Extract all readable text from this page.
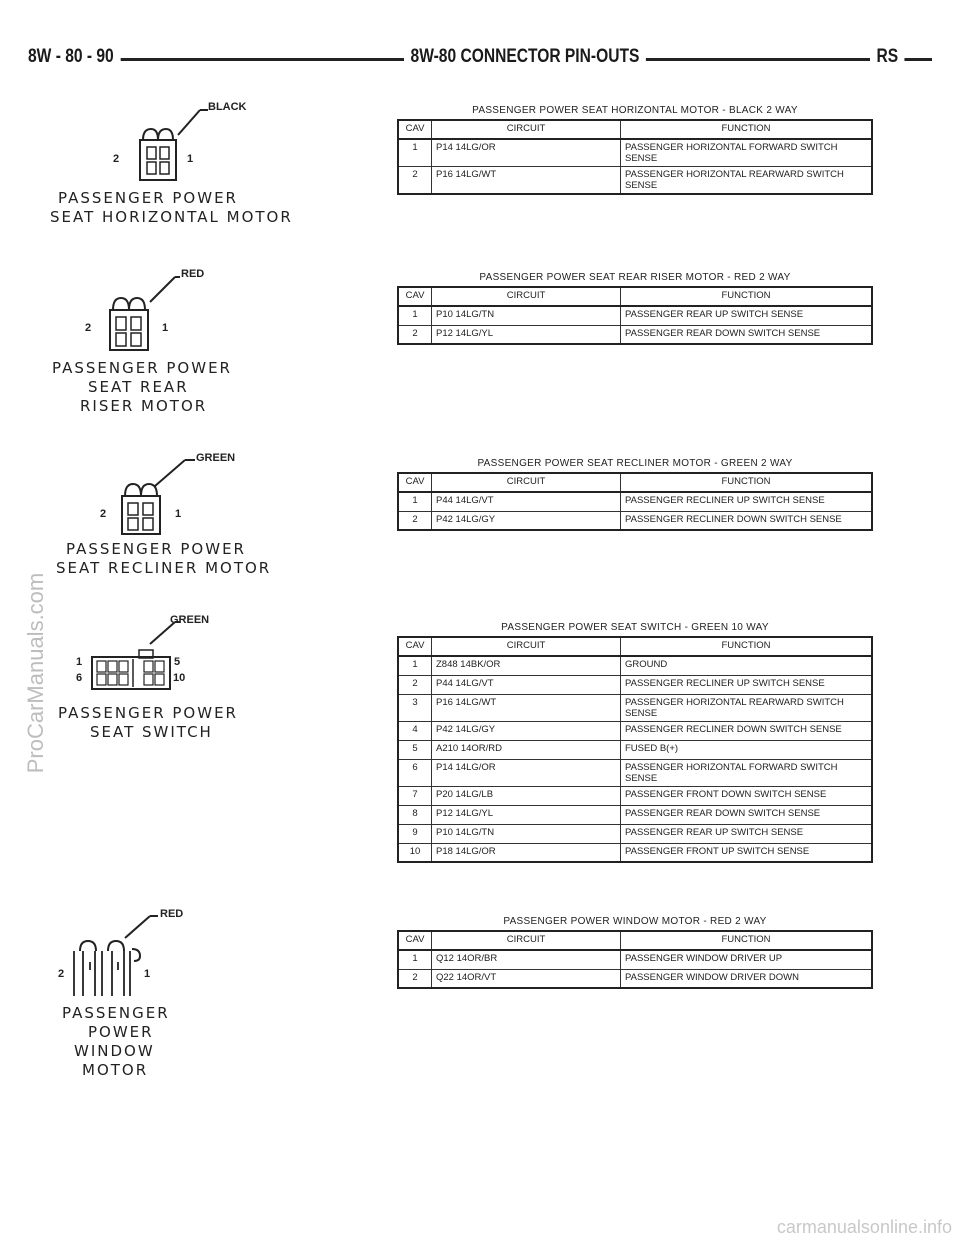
8W - 80 - 90	8W-80 CONNECTOR PIN-OUTS	RS
BLACK
2	1
PASSENGER POWER
SEAT HORIZONTAL MOTOR
PASSENGER POWER SEAT HORIZONTAL MOTOR - BLACK 2 WAY
CAV	CIRCUIT	FUNCTION
1	P14 14LG/OR	PASSENGER HORIZONTAL FORWARD SWITCH SENSE
2	P16 14LG/WT	PASSENGER HORIZONTAL REARWARD SWITCH SENSE
RED
2	1
PASSENGER POWER
SEAT REAR
RISER MOTOR
PASSENGER POWER SEAT REAR RISER MOTOR - RED 2 WAY
CAV	CIRCUIT	FUNCTION
1	P10 14LG/TN	PASSENGER REAR UP SWITCH SENSE
2	P12 14LG/YL	PASSENGER REAR DOWN SWITCH SENSE
GREEN
2	1
PASSENGER POWER
SEAT RECLINER MOTOR
PASSENGER POWER SEAT RECLINER MOTOR - GREEN 2 WAY
CAV	CIRCUIT	FUNCTION
1	P44 14LG/VT	PASSENGER RECLINER UP SWITCH SENSE
2	P42 14LG/GY	PASSENGER RECLINER DOWN SWITCH SENSE
GREEN
1
6
5
10
PASSENGER POWER
SEAT SWITCH
PASSENGER POWER SEAT SWITCH - GREEN 10 WAY
CAV	CIRCUIT	FUNCTION
1	Z848 14BK/OR	GROUND
2	P44 14LG/VT	PASSENGER RECLINER UP SWITCH SENSE
3	P16 14LG/WT	PASSENGER HORIZONTAL REARWARD SWITCH SENSE
4	P42 14LG/GY	PASSENGER RECLINER DOWN SWITCH SENSE
5	A210 14OR/RD	FUSED B(+)
6	P14 14LG/OR	PASSENGER HORIZONTAL FORWARD SWITCH SENSE
7	P20 14LG/LB	PASSENGER FRONT DOWN SWITCH SENSE
8	P12 14LG/YL	PASSENGER REAR DOWN SWITCH SENSE
9	P10 14LG/TN	PASSENGER REAR UP SWITCH SENSE
10	P18 14LG/OR	PASSENGER FRONT UP SWITCH SENSE
RED
2	1
PASSENGER
POWER
WINDOW
MOTOR
PASSENGER POWER WINDOW MOTOR - RED 2 WAY
CAV	CIRCUIT	FUNCTION
1	Q12 14OR/BR	PASSENGER WINDOW DRIVER UP
2	Q22 14OR/VT	PASSENGER WINDOW DRIVER DOWN
ProCarManuals.com
carmanualsonline.info
